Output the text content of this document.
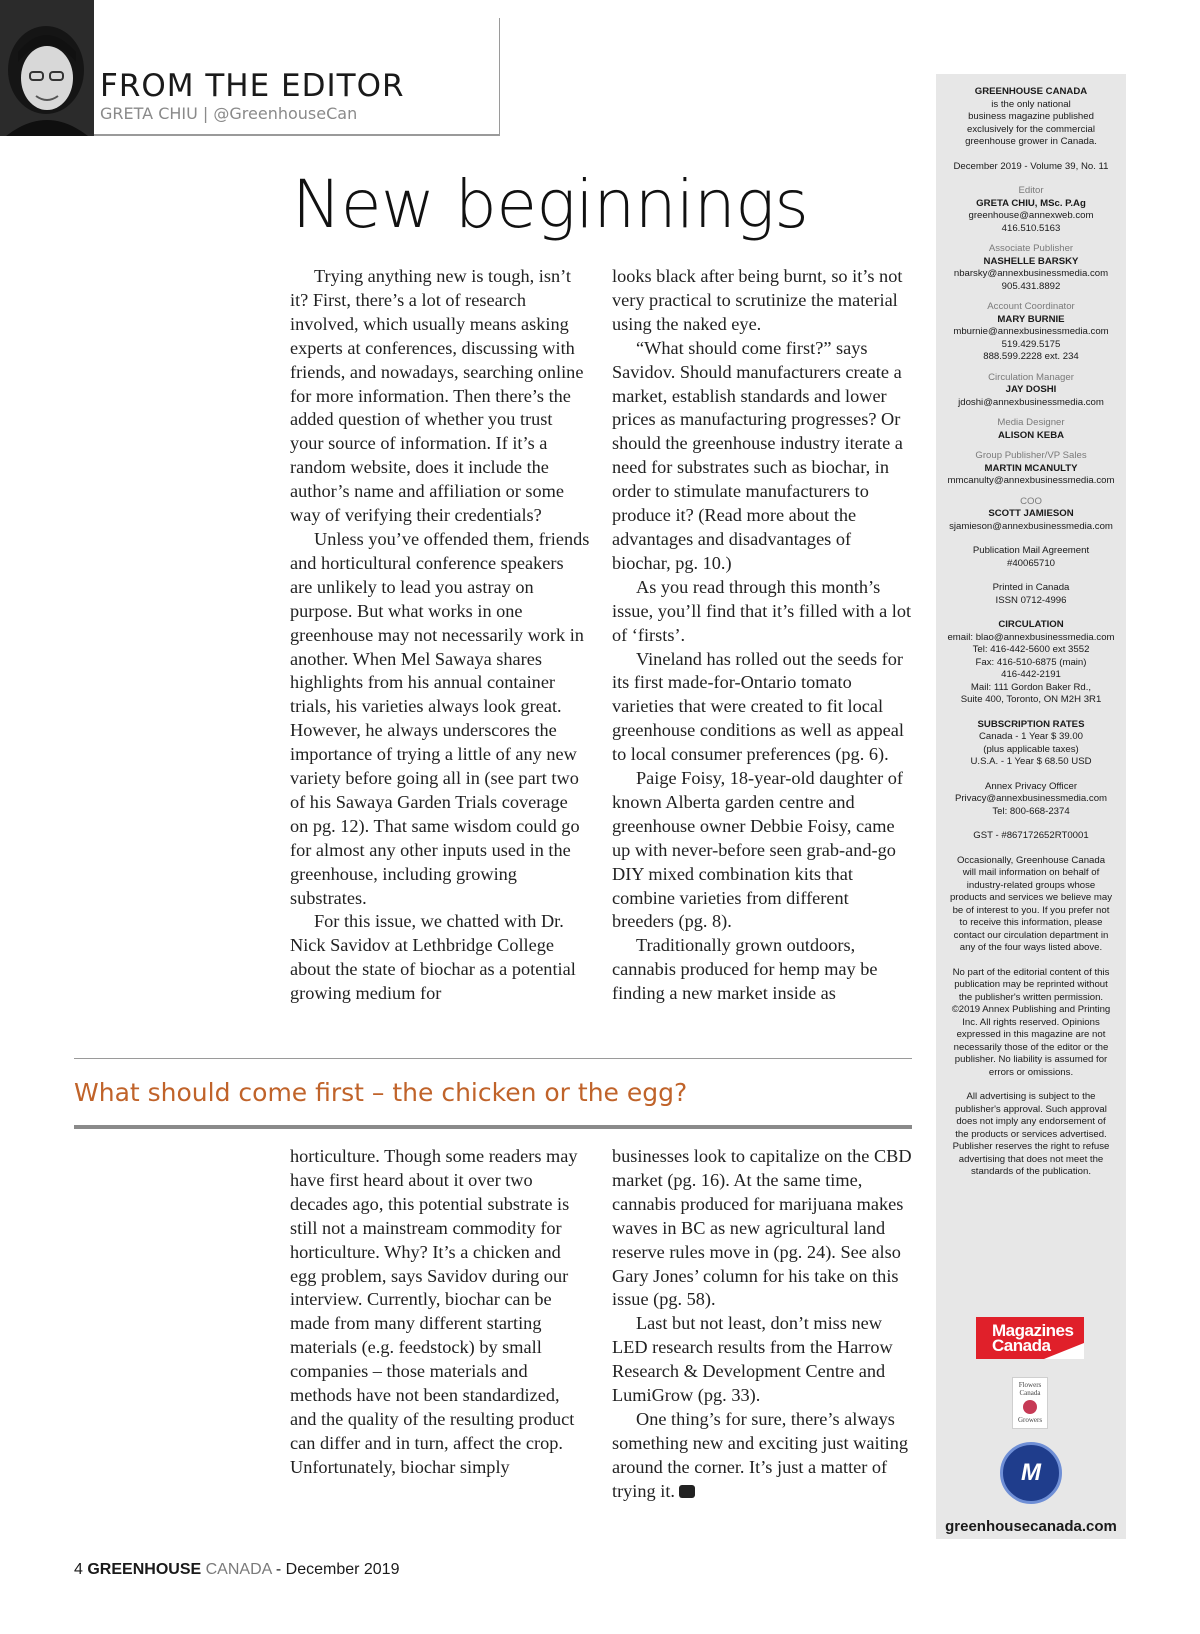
FROM THE EDITOR
GRETA CHIU | @GreenhouseCan
New beginnings

Trying anything new is tough, isn’t it? First, there’s a lot of research involved, which usually means asking experts at conferences, discussing with friends, and nowadays, searching online for more information. Then there’s the added question of whether you trust your source of information. If it’s a random website, does it include the author’s name and affiliation or some way of verifying their credentials?

Unless you’ve offended them, friends and horticultural conference speakers are unlikely to lead you astray on purpose. But what works in one greenhouse may not necessarily work in another. When Mel Sawaya shares highlights from his annual container trials, his varieties always look great. However, he always underscores the importance of trying a little of any new variety before going all in (see part two of his Sawaya Garden Trials coverage on pg. 12). That same wisdom could go for almost any other inputs used in the greenhouse, including growing substrates.

For this issue, we chatted with Dr. Nick Savidov at Lethbridge College about the state of biochar as a potential growing medium for

looks black after being burnt, so it’s not very practical to scrutinize the material using the naked eye.

“What should come first?” says Savidov. Should manufacturers create a market, establish standards and lower prices as manufacturing progresses? Or should the greenhouse industry iterate a need for substrates such as biochar, in order to stimulate manufacturers to produce it? (Read more about the advantages and disadvantages of biochar, pg. 10.)

As you read through this month’s issue, you’ll find that it’s filled with a lot of ‘firsts’.

Vineland has rolled out the seeds for its first made-for-Ontario tomato varieties that were created to fit local greenhouse conditions as well as appeal to local consumer preferences (pg. 6).

Paige Foisy, 18-year-old daughter of known Alberta garden centre and greenhouse owner Debbie Foisy, came up with never-before seen grab-and-go DIY mixed combination kits that combine varieties from different breeders (pg. 8).

Traditionally grown outdoors, cannabis produced for hemp may be finding a new market inside as

What should come first – the chicken or the egg?

horticulture. Though some readers may have first heard about it over two decades ago, this potential substrate is still not a mainstream commodity for horticulture. Why? It’s a chicken and egg problem, says Savidov during our interview. Currently, biochar can be made from many different starting materials (e.g. feedstock) by small companies – those materials and methods have not been standardized, and the quality of the resulting product can differ and in turn, affect the crop. Unfortunately, biochar simply

businesses look to capitalize on the CBD market (pg. 16). At the same time, cannabis produced for marijuana makes waves in BC as new agricultural land reserve rules move in (pg. 24). See also Gary Jones’ column for his take on this issue (pg. 58).

Last but not least, don’t miss new LED research results from the Harrow Research & Development Centre and LumiGrow (pg. 33).

One thing’s for sure, there’s always something new and exciting just waiting around the corner. It’s just a matter of trying it.

GREENHOUSE CANADA
is the only national
business magazine published
exclusively for the commercial
greenhouse grower in Canada.
December 2019 - Volume 39, No. 11
Editor
GRETA CHIU, MSc. P.Ag
greenhouse@annexweb.com
416.510.5163
Associate Publisher
NASHELLE BARSKY
nbarsky@annexbusinessmedia.com
905.431.8892
Account Coordinator
MARY BURNIE
mburnie@annexbusinessmedia.com
519.429.5175
888.599.2228 ext. 234
Circulation Manager
JAY DOSHI
jdoshi@annexbusinessmedia.com
Media Designer
ALISON KEBA
Group Publisher/VP Sales
MARTIN MCANULTY
mmcanulty@annexbusinessmedia.com
COO
SCOTT JAMIESON
sjamieson@annexbusinessmedia.com
Publication Mail Agreement
#40065710
Printed in Canada
ISSN 0712-4996
CIRCULATION
email: blao@annexbusinessmedia.com
Tel: 416-442-5600 ext 3552
Fax: 416-510-6875 (main)
416-442-2191
Mail: 111 Gordon Baker Rd.,
Suite 400, Toronto, ON M2H 3R1
SUBSCRIPTION RATES
Canada - 1 Year $ 39.00
(plus applicable taxes)
U.S.A. - 1 Year $ 68.50 USD
Annex Privacy Officer
Privacy@annexbusinessmedia.com
Tel: 800-668-2374
GST - #867172652RT0001
Occasionally, Greenhouse Canada
will mail information on behalf of
industry-related groups whose
products and services we believe may
be of interest to you. If you prefer not
to receive this information, please
contact our circulation department in
any of the four ways listed above.
No part of the editorial content of this
publication may be reprinted without
the publisher's written permission.
©2019 Annex Publishing and Printing
Inc. All rights reserved. Opinions
expressed in this magazine are not
necessarily those of the editor or the
publisher. No liability is assumed for
errors or omissions.
All advertising is subject to the
publisher's approval. Such approval
does not imply any endorsement of
the products or services advertised.
Publisher reserves the right to refuse
advertising that does not meet the
standards of the publication.
Magazines
Canada
Flowers Canada
Growers
M
greenhousecanada.com
4 GREENHOUSE CANADA - December 2019
